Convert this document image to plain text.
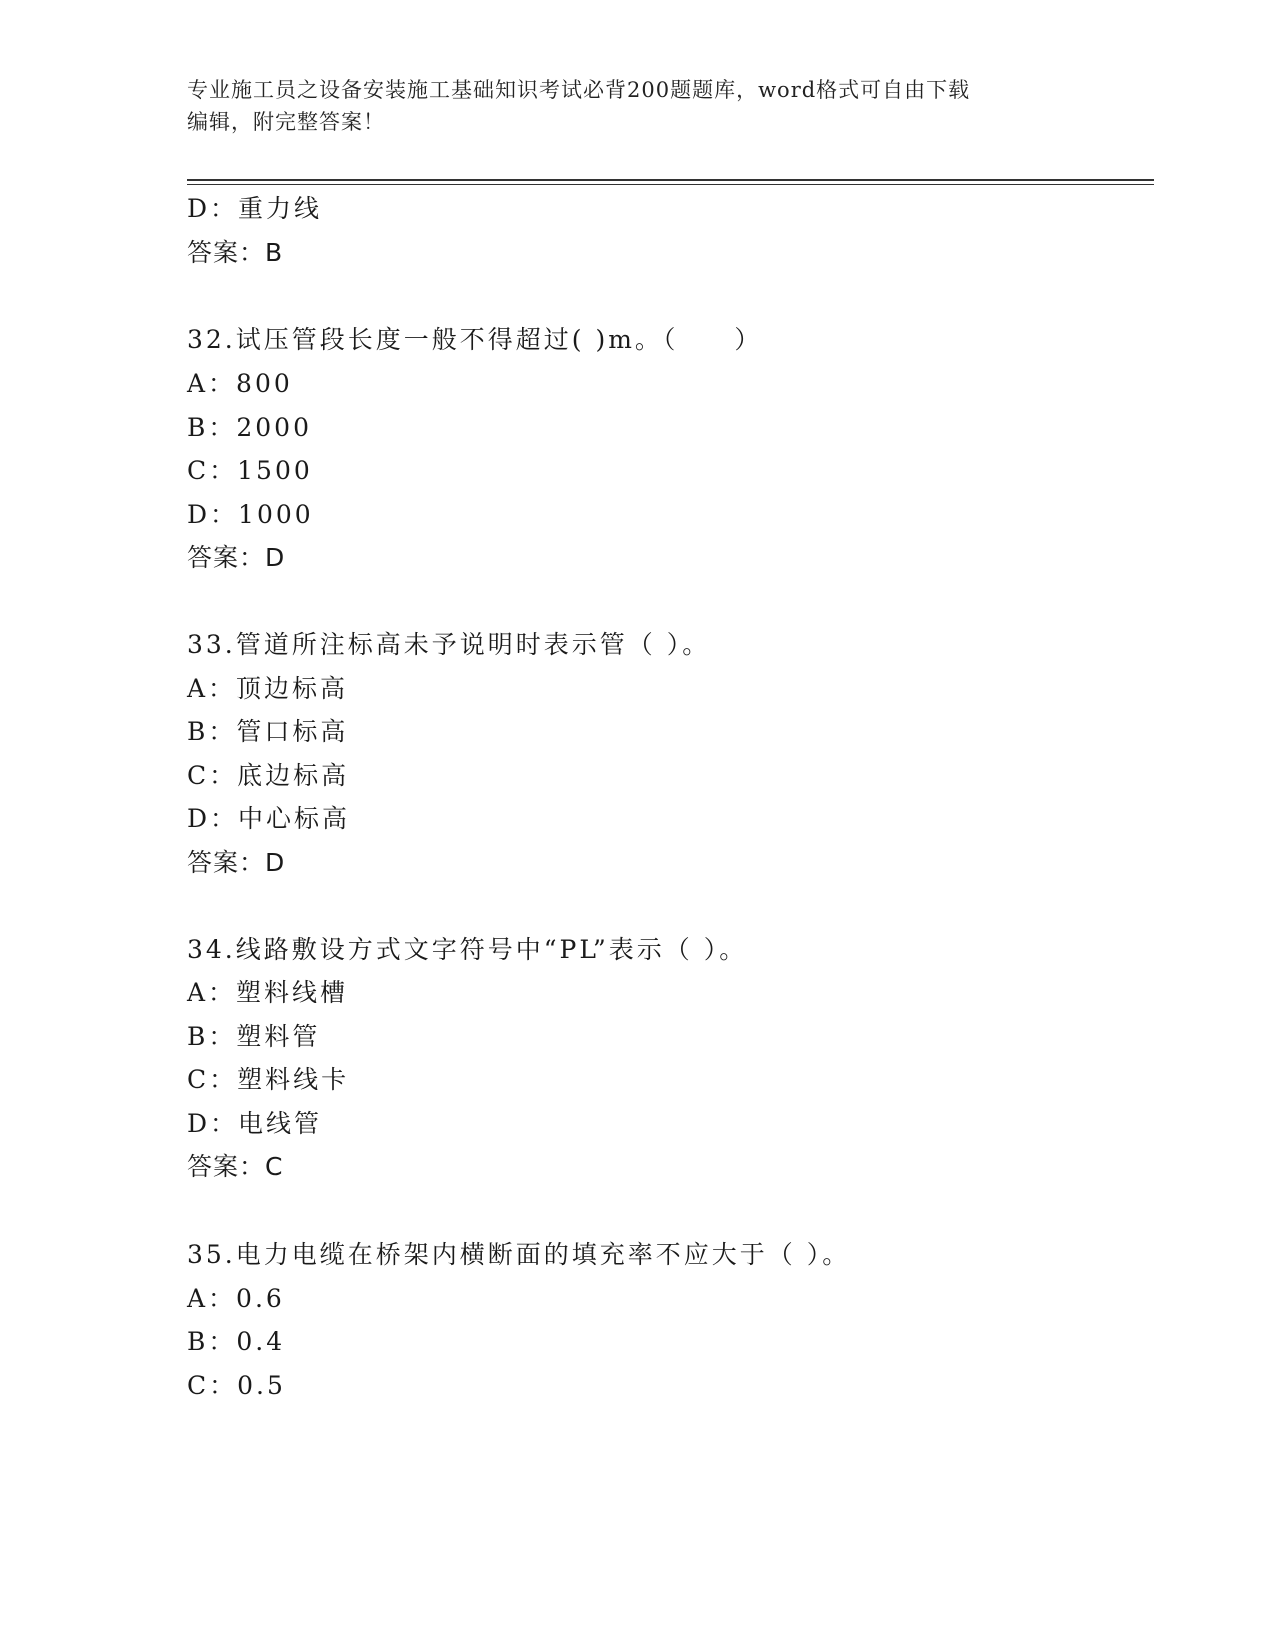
专业施工员之设备安装施工基础知识考试必背200题题库，word格式可自由下载
编辑，附完整答案！
D：重力线
答案：B
32.试压管段长度一般不得超过( )m。（　　）
A：800
B：2000
C：1500
D：1000
答案：D
33.管道所注标高未予说明时表示管（ ）。
A：顶边标高
B：管口标高
C：底边标高
D：中心标高
答案：D
34.线路敷设方式文字符号中“PL”表示（ ）。
A：塑料线槽
B：塑料管
C：塑料线卡
D：电线管
答案：C
35.电力电缆在桥架内横断面的填充率不应大于（ ）。
A：0.6
B：0.4
C：0.5
